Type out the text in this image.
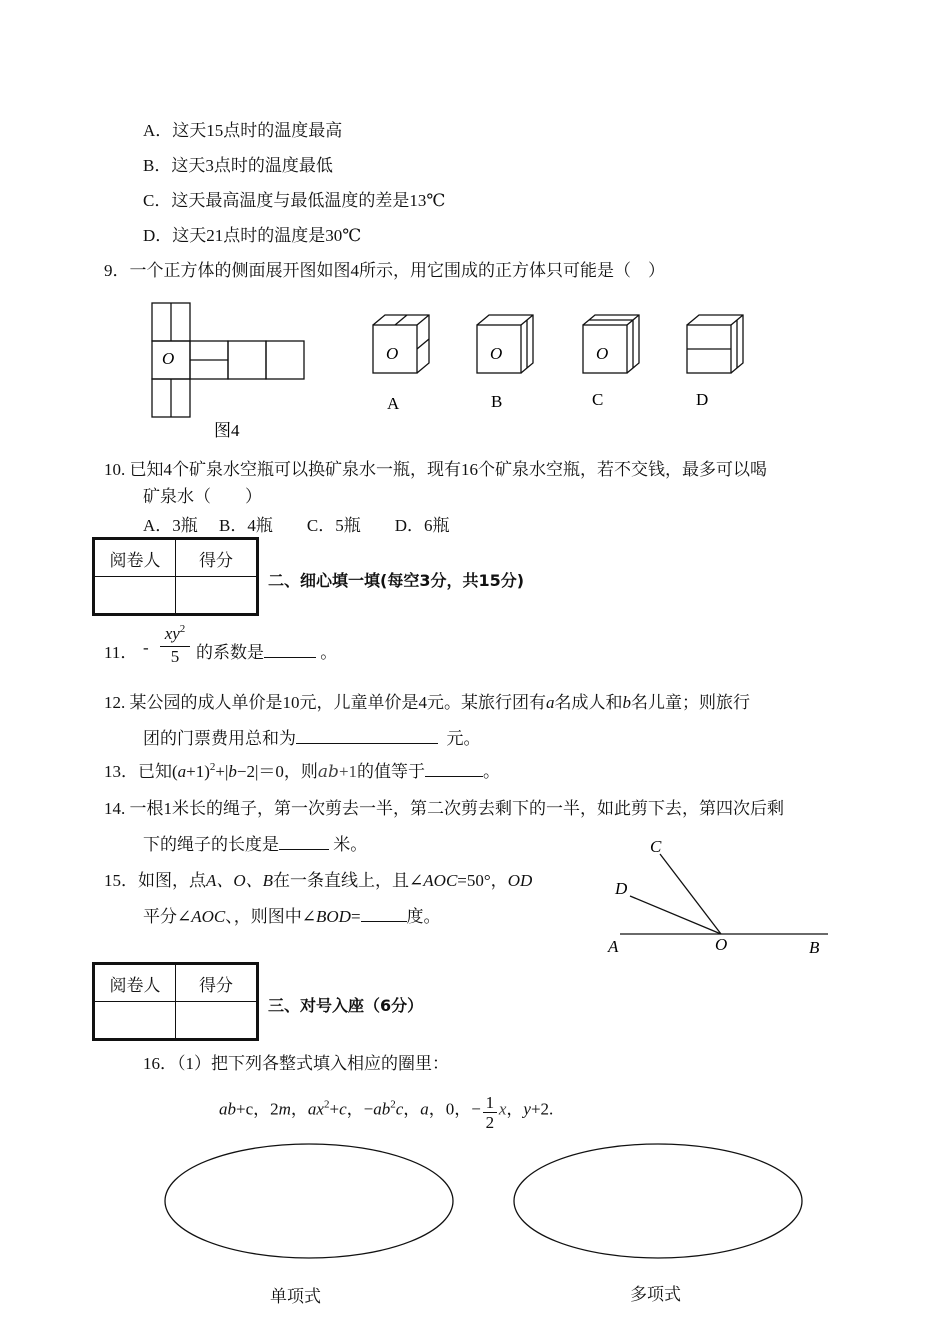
A．这天15点时的温度最高
B．这天3点时的温度最低
C．这天最高温度与最低温度的差是13℃
D．这天21点时的温度是30℃
9．一个正方体的侧面展开图如图4所示，用它围成的正方体只可能是（　）
O
图4
O
A
O
B
O
C	D
10. 已知4个矿泉水空瓶可以换矿泉水一瓶，现有16个矿泉水空瓶，若不交钱，最多可以喝
矿泉水（　　）
A．3瓶　 B．4瓶　　C．5瓶　　D．6瓶
阅卷人	得分

二、细心填一填(每空3分，共15分)
11． -
$xy^2$
5 的系数是	。
12. 某公园的成人单价是10元，儿童单价是4元。某旅行团有a名成人和b名儿童；则旅行
团的门票费用总和为	元。
13．已知$(a+1)^2+|b-2|=0$，则ab+1的值等于	。
14. 一根1米长的绳子，第一次剪去一半，第二次剪去剩下的一半，如此剪下去，第四次后剩
下的绳子的长度是	米。
15．如图，点A、O、B在一条直线上，且∠AOC=50°，OD
平分∠AOC、，则图中∠BOD=	度。
C
D
A	O	B
阅卷人	得分

三、对号入座（6分）
16．（1）把下列各整式填入相应的圈里：
ab+c，2m，$ax^2+c$，$-ab^2c$，a，0，− $\frac{1}{2}$ x，y+2.
单项式	多项式
